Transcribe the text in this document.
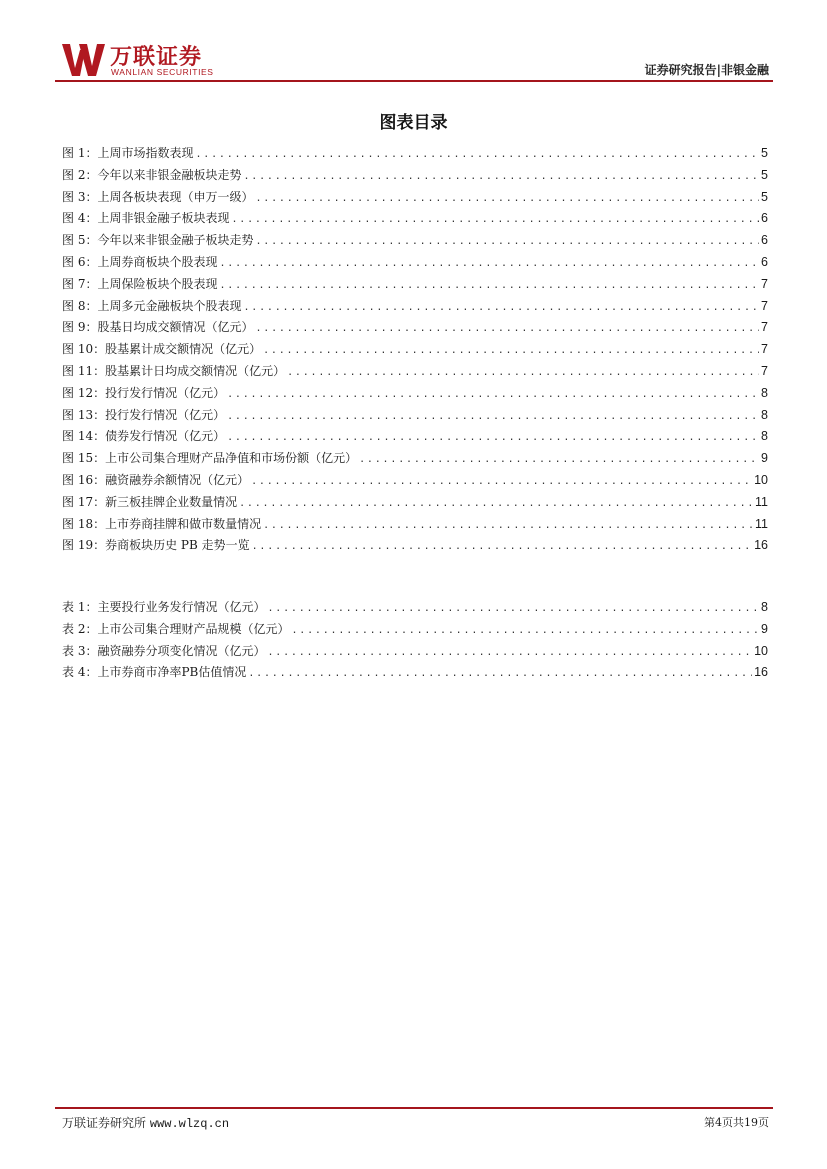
万联证券
WANLIAN SECURITIES	证券研究报告|非银金融
图表目录
图 1：上周市场指数表现 .....	5
图 2：今年以来非银金融板块走势 .....	5
图 3：上周各板块表现（申万一级） .....	5
图 4：上周非银金融子板块表现 .....	6
图 5：今年以来非银金融子板块走势 .....	6
图 6：上周券商板块个股表现 .....	6
图 7：上周保险板块个股表现 .....	7
图 8：上周多元金融板块个股表现 .....	7
图 9：股基日均成交额情况（亿元） .....	7
图 10：股基累计成交额情况（亿元） .....	7
图 11：股基累计日均成交额情况（亿元） .....	7
图 12：投行发行情况（亿元） .....	8
图 13：投行发行情况（亿元） .....	8
图 14：债券发行情况（亿元） .....	8
图 15：上市公司集合理财产品净值和市场份额（亿元） .....	9
图 16：融资融券余额情况（亿元） .....	10
图 17：新三板挂牌企业数量情况 .....	11
图 18：上市券商挂牌和做市数量情况 .....	11
图 19：券商板块历史 PB 走势一览 .....	16
表 1：主要投行业务发行情况（亿元） .....	8
表 2：上市公司集合理财产品规模（亿元） .....	9
表 3：融资融券分项变化情况（亿元） .....	10
表 4：上市券商市净率PB估值情况 .....	16
万联证券研究所 www.wlzq.cn	第4页共19页
